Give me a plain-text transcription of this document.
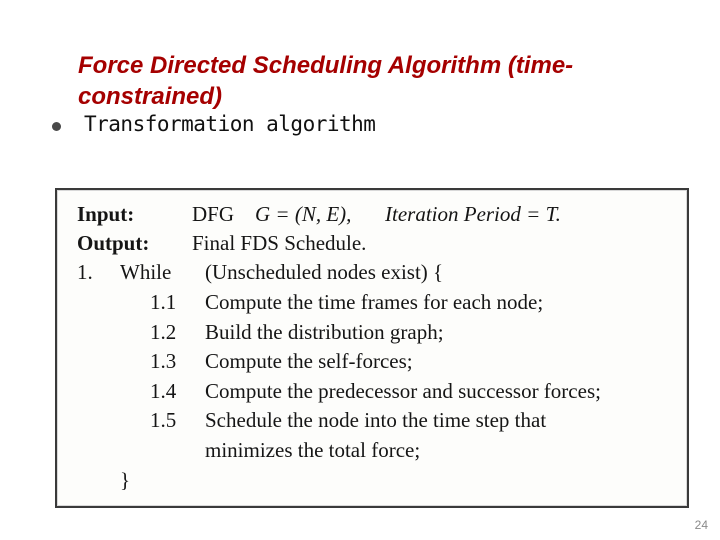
Force Directed Scheduling Algorithm (time-constrained)
Transformation algorithm
Input:	DFG G = (N, E), Iteration Period = T.
Output: Final FDS Schedule.
1. While (Unscheduled nodes exist) {
1.1 Compute the time frames for each node;
1.2 Build the distribution graph;
1.3 Compute the self-forces;
1.4 Compute the predecessor and successor forces;
1.5 Schedule the node into the time step that
minimizes the total force;
}
24
